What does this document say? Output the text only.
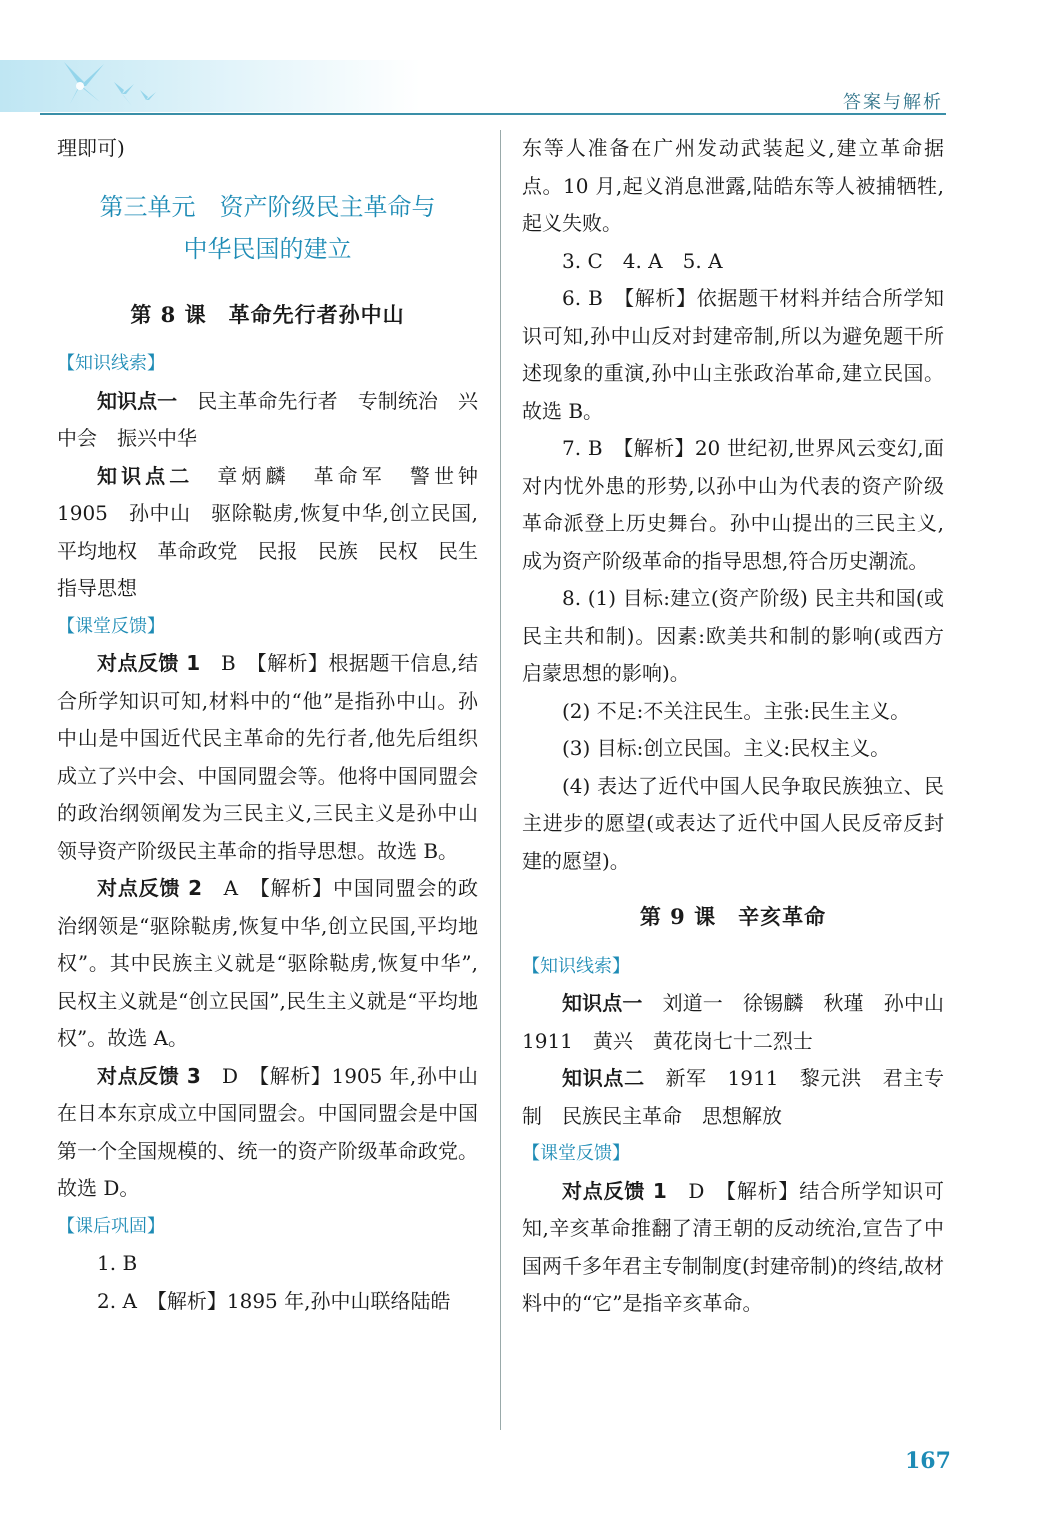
答案与解析

理即可)

第三单元　资产阶级民主革命与
中华民国的建立
第 8 课　革命先行者孙中山

【知识线索】

知识点一　民主革命先行者　专制统治　兴中会　振兴中华

知识点二　章炳麟　革命军　警世钟　1905　孙中山　驱除鞑虏,恢复中华,创立民国,平均地权　革命政党　民报　民族　民权　民生　指导思想

【课堂反馈】

对点反馈 1　B　【解析】根据题干信息,结合所学知识可知,材料中的“他”是指孙中山。孙中山是中国近代民主革命的先行者,他先后组织成立了兴中会、中国同盟会等。他将中国同盟会的政治纲领阐发为三民主义,三民主义是孙中山领导资产阶级民主革命的指导思想。故选 B。

对点反馈 2　A　【解析】中国同盟会的政治纲领是“驱除鞑虏,恢复中华,创立民国,平均地权”。其中民族主义就是“驱除鞑虏,恢复中华”,民权主义就是“创立民国”,民生主义就是“平均地权”。故选 A。

对点反馈 3　D　【解析】1905 年,孙中山在日本东京成立中国同盟会。中国同盟会是中国第一个全国规模的、统一的资产阶级革命政党。故选 D。

【课后巩固】

1. B

2. A　【解析】1895 年,孙中山联络陆皓

东等人准备在广州发动武装起义,建立革命据点。10 月,起义消息泄露,陆皓东等人被捕牺牲,起义失败。

3. C　4. A　5. A

6. B　【解析】依据题干材料并结合所学知识可知,孙中山反对封建帝制,所以为避免题干所述现象的重演,孙中山主张政治革命,建立民国。故选 B。

7. B　【解析】20 世纪初,世界风云变幻,面对内忧外患的形势,以孙中山为代表的资产阶级革命派登上历史舞台。孙中山提出的三民主义,成为资产阶级革命的指导思想,符合历史潮流。

8. (1) 目标:建立(资产阶级) 民主共和国(或民主共和制)。因素:欧美共和制的影响(或西方启蒙思想的影响)。

(2) 不足:不关注民生。主张:民生主义。

(3) 目标:创立民国。主义:民权主义。

(4) 表达了近代中国人民争取民族独立、民主进步的愿望(或表达了近代中国人民反帝反封建的愿望)。

第 9 课　辛亥革命

【知识线索】

知识点一　刘道一　徐锡麟　秋瑾　孙中山　1911　黄兴　黄花岗七十二烈士

知识点二　新军　1911　黎元洪　君主专制　民族民主革命　思想解放

【课堂反馈】

对点反馈 1　D　【解析】结合所学知识可知,辛亥革命推翻了清王朝的反动统治,宣告了中国两千多年君主专制制度(封建帝制)的终结,故材料中的“它”是指辛亥革命。

167
